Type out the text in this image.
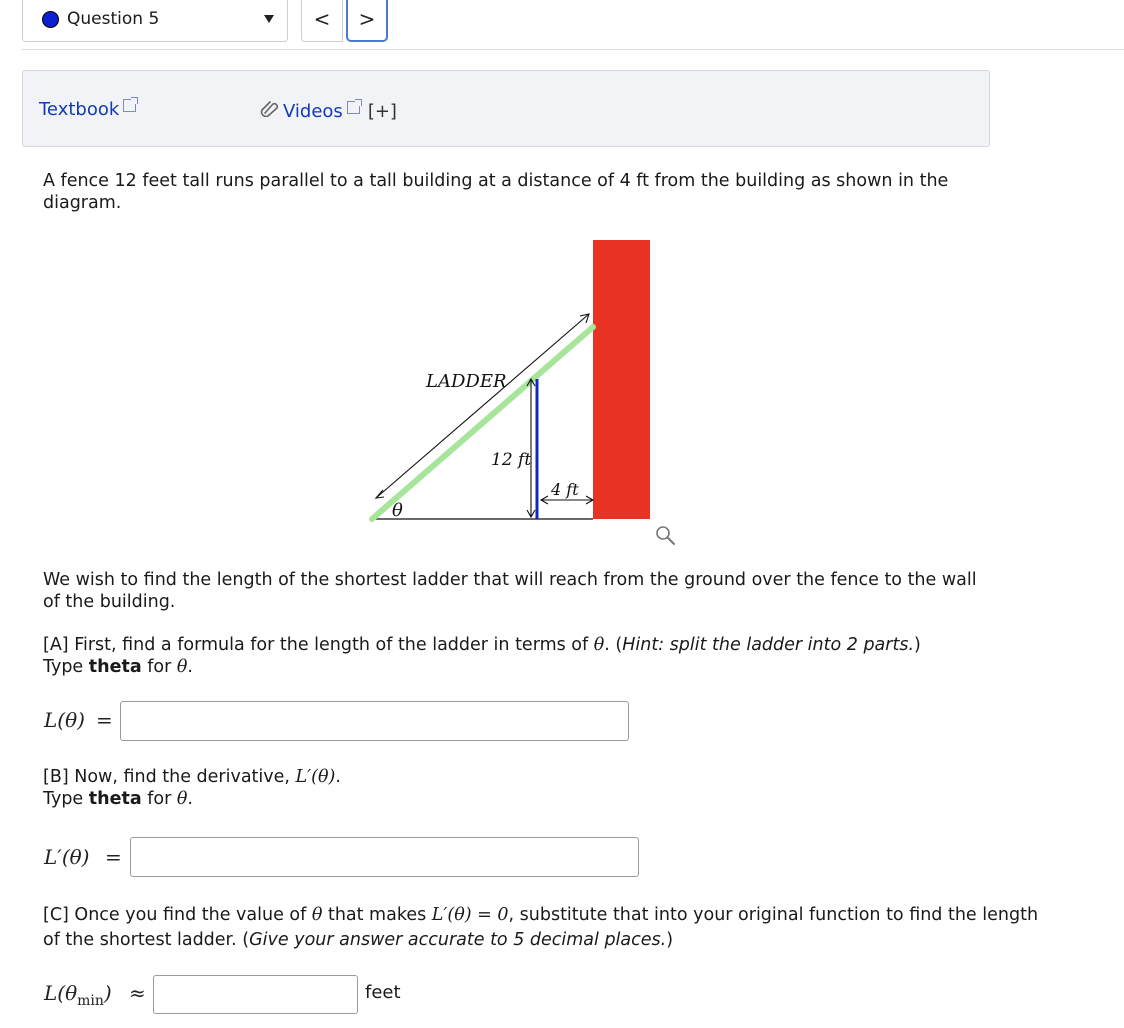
Question 5	<	>
Textbook	Videos [+]

A fence 12 feet tall runs parallel to a tall building at a distance of 4 ft from the building as shown in the diagram.

LADDER
12 ft
4 ft
θ

We wish to find the length of the shortest ladder that will reach from the ground over the fence to the wall of the building.

[A] First, find a formula for the length of the ladder in terms of θ. (Hint: split the ladder into 2 parts.)
Type theta for θ.

L(θ) =

[B] Now, find the derivative, L′(θ).
Type theta for θ.

L′(θ) =

[C] Once you find the value of θ that makes L′(θ) = 0, substitute that into your original function to find the length of the shortest ladder. (Give your answer accurate to 5 decimal places.)

$L(\theta_{min})$ ≈	feet
